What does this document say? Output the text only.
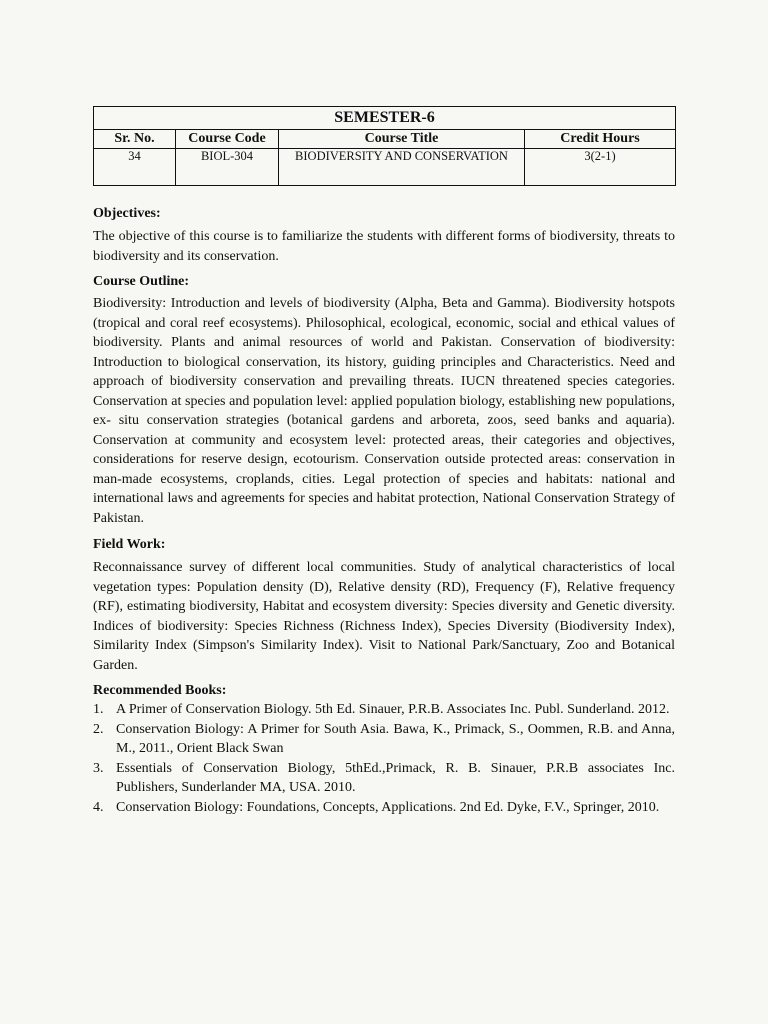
SEMESTER-6			
Sr. No.	Course Code	Course Title	Credit Hours
34	BIOL-304	BIODIVERSITY AND CONSERVATION	3(2-1)

Objectives:

The objective of this course is to familiarize the students with different forms of biodiversity, threats to biodiversity and its conservation.

Course Outline:

Biodiversity: Introduction and levels of biodiversity (Alpha, Beta and Gamma). Biodiversity hotspots (tropical and coral reef ecosystems). Philosophical, ecological, economic, social and ethical values of biodiversity. Plants and animal resources of world and Pakistan. Conservation of biodiversity: Introduction to biological conservation, its history, guiding principles and Characteristics. Need and approach of biodiversity conservation and prevailing threats. IUCN threatened species categories. Conservation at species and population level: applied population biology, establishing new populations, ex- situ conservation strategies (botanical gardens and arboreta, zoos, seed banks and aquaria). Conservation at community and ecosystem level: protected areas, their categories and objectives, considerations for reserve design, ecotourism. Conservation outside protected areas: conservation in man-made ecosystems, croplands, cities. Legal protection of species and habitats: national and international laws and agreements for species and habitat protection, National Conservation Strategy of Pakistan.

Field Work:

Reconnaissance survey of different local communities. Study of analytical characteristics of local vegetation types: Population density (D), Relative density (RD), Frequency (F), Relative frequency (RF), estimating biodiversity, Habitat and ecosystem diversity: Species diversity and Genetic diversity. Indices of biodiversity: Species Richness (Richness Index), Species Diversity (Biodiversity Index), Similarity Index (Simpson's Similarity Index). Visit to National Park/Sanctuary, Zoo and Botanical Garden.

Recommended Books:

1. A Primer of Conservation Biology. 5th Ed. Sinauer, P.R.B. Associates Inc. Publ. Sunderland. 2012.
2. Conservation Biology: A Primer for South Asia. Bawa, K., Primack, S., Oommen, R.B. and Anna, M., 2011., Orient Black Swan
3. Essentials of Conservation Biology, 5thEd.,Primack, R. B. Sinauer, P.R.B associates Inc. Publishers, Sunderlander MA, USA. 2010.
4. Conservation Biology: Foundations, Concepts, Applications. 2nd Ed. Dyke, F.V., Springer, 2010.
